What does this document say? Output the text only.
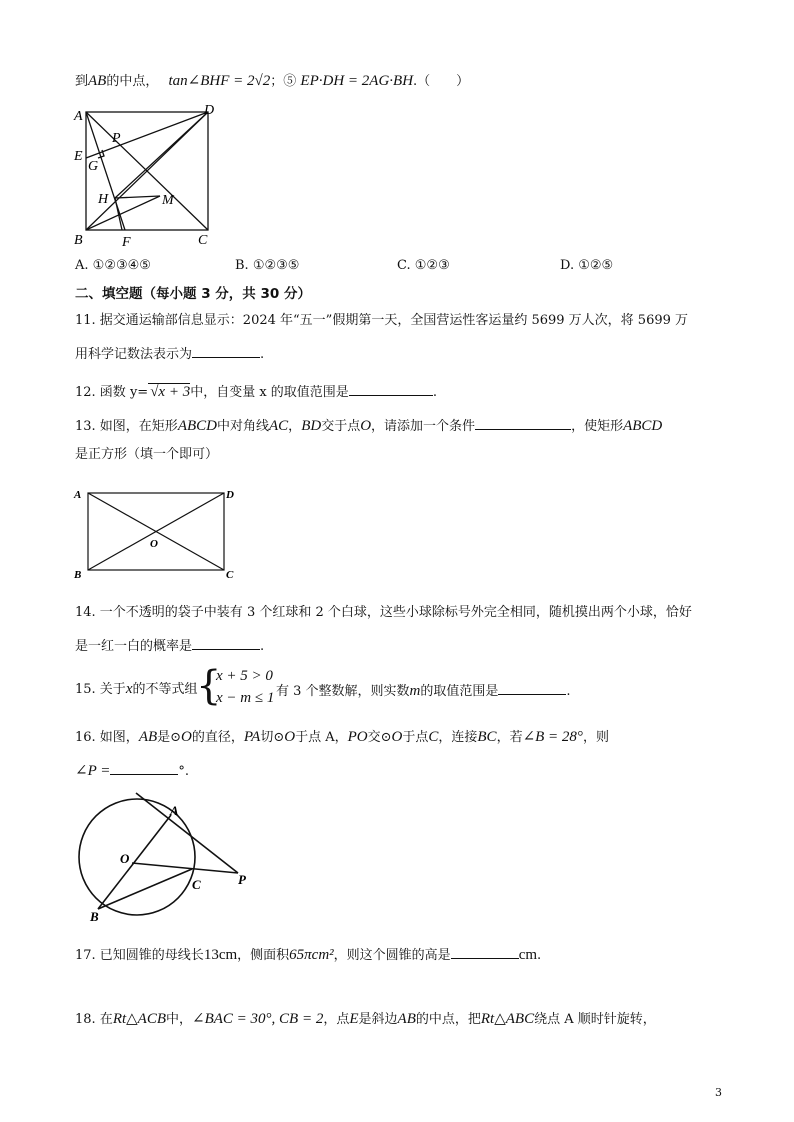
到AB的中点， tan∠BHF = 2√2；⑤ EP·DH = 2AG·BH.（　　）
A	D
P
E
G
H	M
B	F	C
A. ①②③④⑤	B. ①②③⑤	C. ①②③	D. ①②⑤
二、填空题（每小题 3 分，共 30 分）
11. 据交通运输部信息显示：2024 年“五一”假期第一天，全国营运性客运量约 5699 万人次，将 5699 万
用科学记数法表示为	.
12. 函数 y= √x + 3中，自变量 x 的取值范围是	.
13. 如图，在矩形ABCD中对角线AC，BD交于点O，请添加一个条件	，使矩形ABCD
是正方形（填一个即可）
A	D
O
B	C
14. 一个不透明的袋子中装有 3 个红球和 2 个白球，这些小球除标号外完全相同，随机摸出两个小球，恰好
是一红一白的概率是	.
15. 关于x的不等式组
{
x + 5 > 0
x − m ≤ 1 有 3 个整数解，则实数m的取值范围是	.
16. 如图，AB是⊙O的直径，PA切⊙O于点 A，PO交⊙O于点C，连接BC，若∠B = 28°，则
∠P =	°.
A
O
C	P
B
17. 已知圆锥的母线长13cm，侧面积65πcm²，则这个圆锥的高是	cm.
18. 在Rt△ACB中，∠BAC = 30°, CB = 2，点E是斜边AB的中点，把Rt△ABC绕点 A 顺时针旋转，
3
